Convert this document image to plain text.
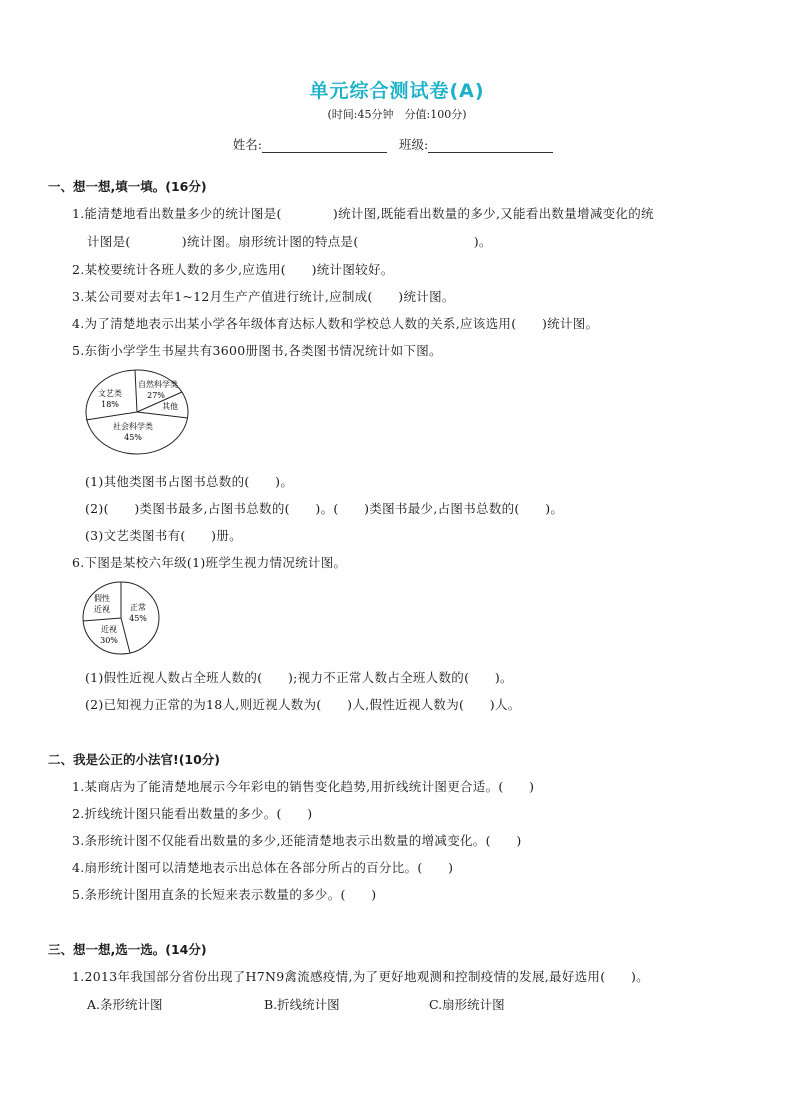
单元综合测试卷(A)
(时间:45分钟　分值:100分)
姓名:	班级:
一、想一想,填一填。(16分)
1.能清楚地看出数量多少的统计图是(　　　　)统计图,既能看出数量的多少,又能看出数量增减变化的统
计图是(　　　　)统计图。扇形统计图的特点是(　　　　　　　　　)。
2.某校要统计各班人数的多少,应选用(　　)统计图较好。
3.某公司要对去年1~12月生产产值进行统计,应制成(　　)统计图。
4.为了清楚地表示出某小学各年级体育达标人数和学校总人数的关系,应该选用(　　)统计图。
5.东街小学学生书屋共有3600册图书,各类图书情况统计如下图。
文艺类
18%
自然科学类
27%
其他
社会科学类
45%
(1)其他类图书占图书总数的(　　)。
(2)(　　)类图书最多,占图书总数的(　　)。(　　)类图书最少,占图书总数的(　　)。
(3)文艺类图书有(　　)册。
6.下图是某校六年级(1)班学生视力情况统计图。
假性
近视	正常
45%
近视
30%
(1)假性近视人数占全班人数的(　　);视力不正常人数占全班人数的(　　)。
(2)已知视力正常的为18人,则近视人数为(　　)人,假性近视人数为(　　)人。
二、我是公正的小法官!(10分)
1.某商店为了能清楚地展示今年彩电的销售变化趋势,用折线统计图更合适。(　　)
2.折线统计图只能看出数量的多少。(　　)
3.条形统计图不仅能看出数量的多少,还能清楚地表示出数量的增减变化。(　　)
4.扇形统计图可以清楚地表示出总体在各部分所占的百分比。(　　)
5.条形统计图用直条的长短来表示数量的多少。(　　)
三、想一想,选一选。(14分)
1.2013年我国部分省份出现了H7N9禽流感疫情,为了更好地观测和控制疫情的发展,最好选用(　　)。
A.条形统计图	B.折线统计图	C.扇形统计图
